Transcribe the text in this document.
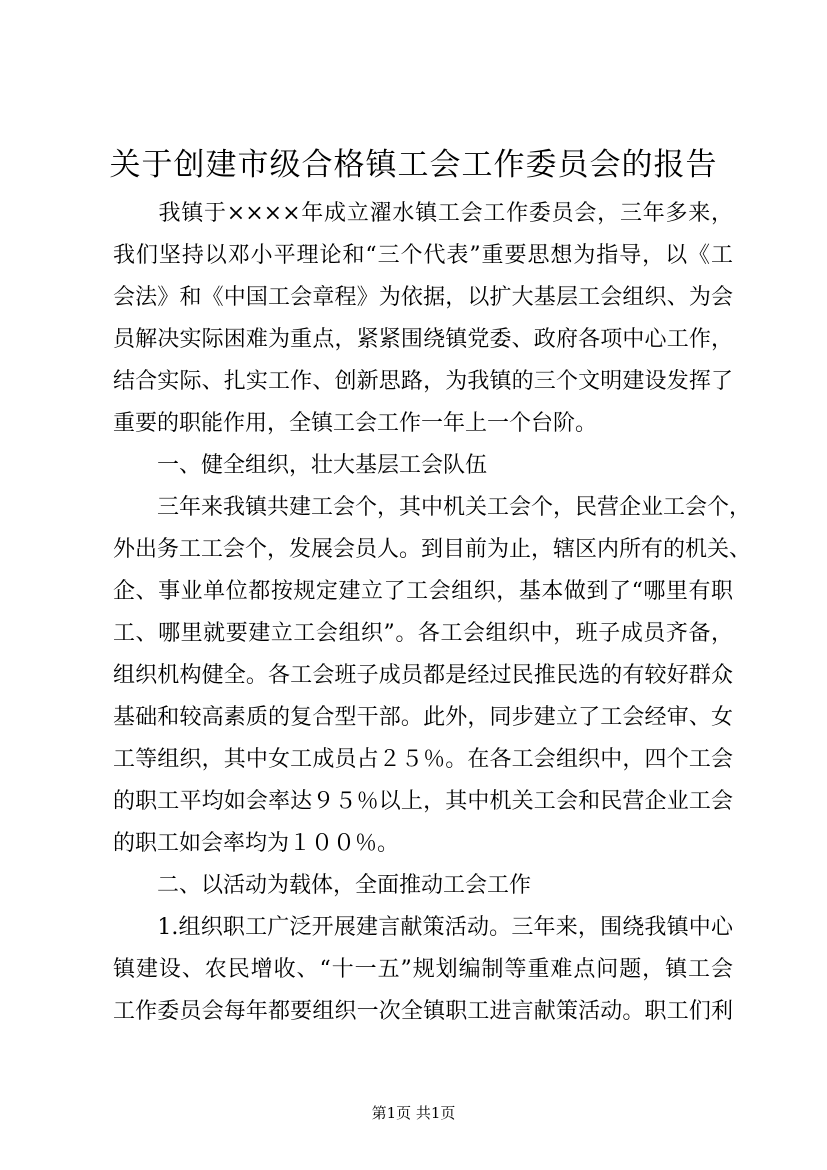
关于创建市级合格镇工会工作委员会的报告
　　我镇于××××年成立濯水镇工会工作委员会，三年多来，
我们坚持以邓小平理论和“三个代表”重要思想为指导，以《工
会法》和《中国工会章程》为依据，以扩大基层工会组织、为会
员解决实际困难为重点，紧紧围绕镇党委、政府各项中心工作，
结合实际、扎实工作、创新思路，为我镇的三个文明建设发挥了
重要的职能作用，全镇工会工作一年上一个台阶。
　　一、健全组织，壮大基层工会队伍
　　三年来我镇共建工会个，其中机关工会个，民营企业工会个，
外出务工工会个，发展会员人。到目前为止，辖区内所有的机关、
企、事业单位都按规定建立了工会组织，基本做到了“哪里有职
工、哪里就要建立工会组织”。各工会组织中，班子成员齐备，
组织机构健全。各工会班子成员都是经过民推民选的有较好群众
基础和较高素质的复合型干部。此外，同步建立了工会经审、女
工等组织，其中女工成员占２５％。在各工会组织中，四个工会
的职工平均如会率达９５％以上，其中机关工会和民营企业工会
的职工如会率均为１００％。
　　二、以活动为载体，全面推动工会工作
　　1.组织职工广泛开展建言献策活动。三年来，围绕我镇中心
镇建设、农民增收、“十一五”规划编制等重难点问题，镇工会
工作委员会每年都要组织一次全镇职工进言献策活动。职工们利
第1页 共1页
